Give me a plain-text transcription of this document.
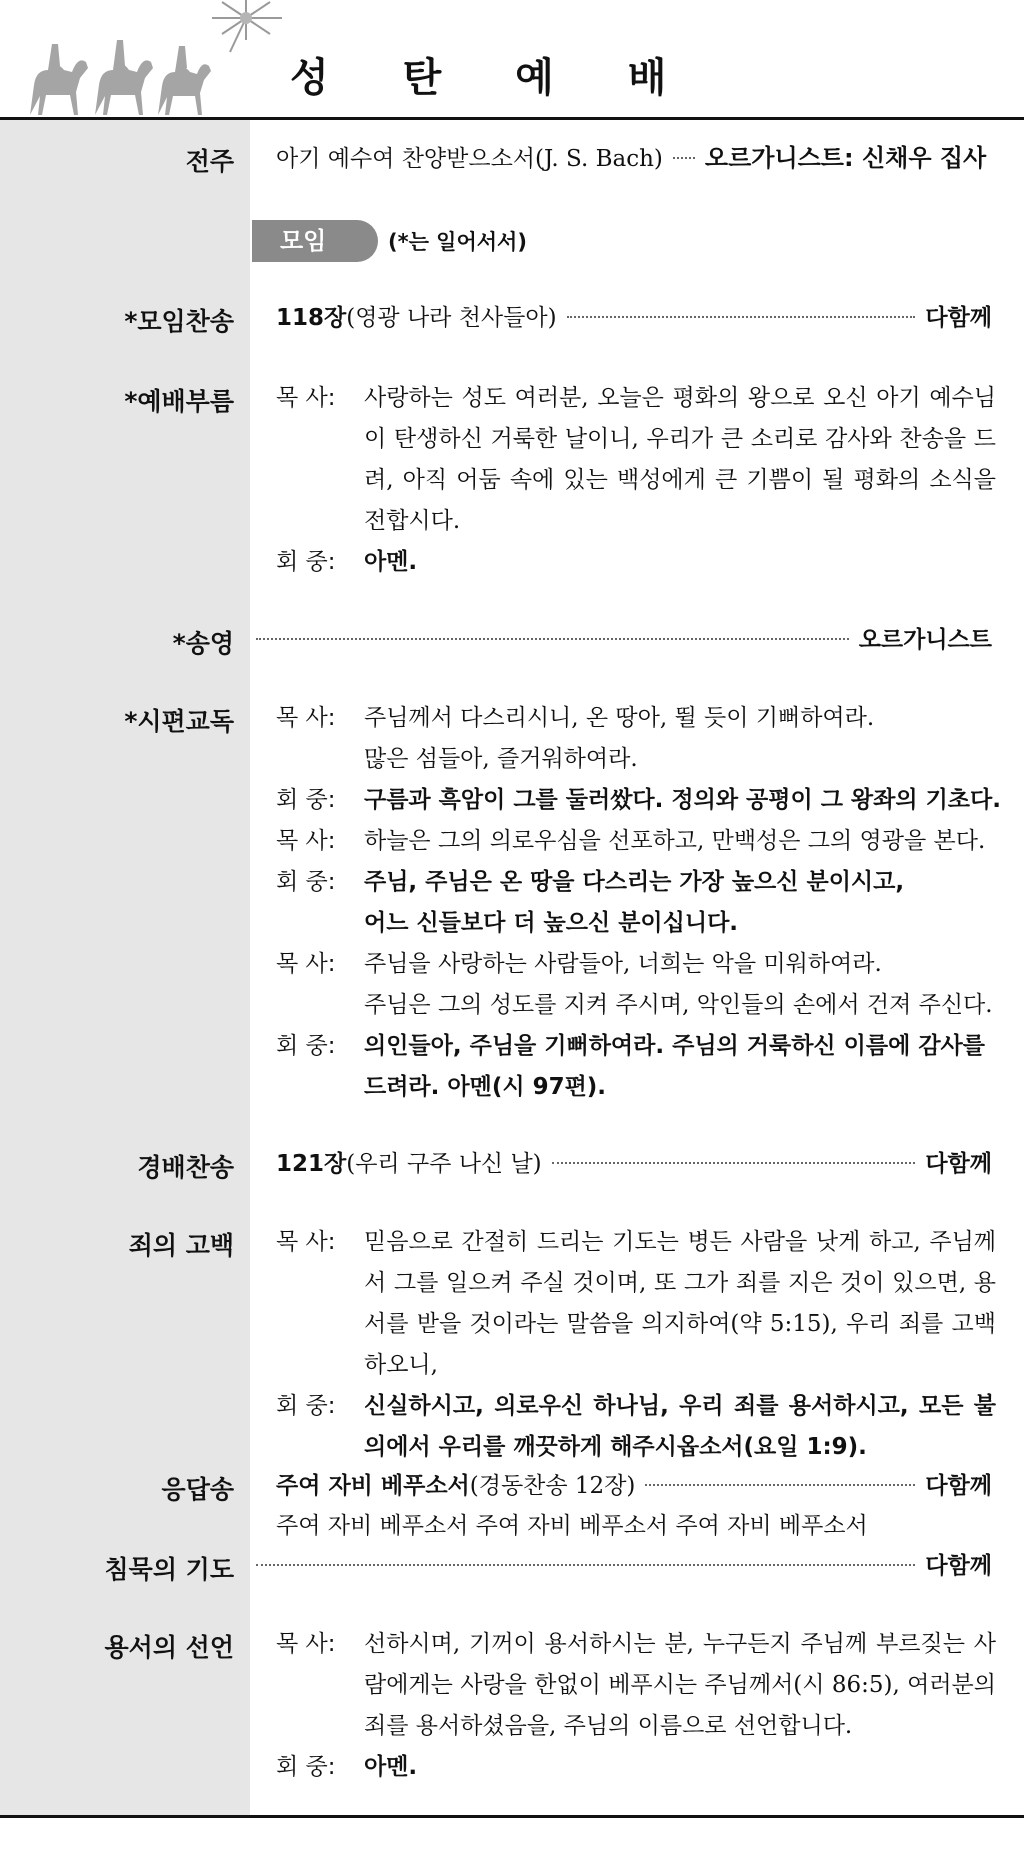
성 탄 예 배
전주 아기 예수여 찬양받으소서(J. S. Bach) 오르가니스트: 신채우 집사
모임	(*는 일어서서)
*모임찬송 118장 (영광 나라 천사들아)	다함께
*예배부름 목 사:	사랑하는 성도 여러분, 오늘은 평화의 왕으로 오신 아기 예수님이 탄생하신 거룩한 날이니, 우리가 큰 소리로 감사와 찬송을 드려, 아직 어둠 속에 있는 백성에게 큰 기쁨이 될 평화의 소식을 전합시다.
회 중:	아멘.
*송영	오르가니스트
*시편교독 목 사:	주님께서 다스리시니, 온 땅아, 뛸 듯이 기뻐하여라.
많은 섬들아, 즐거워하여라.
회 중:	구름과 흑암이 그를 둘러쌌다. 정의와 공평이 그 왕좌의 기초다.
목 사:	하늘은 그의 의로우심을 선포하고, 만백성은 그의 영광을 본다.
회 중:	주님, 주님은 온 땅을 다스리는 가장 높으신 분이시고,
어느 신들보다 더 높으신 분이십니다.
목 사:	주님을 사랑하는 사람들아, 너희는 악을 미워하여라.
주님은 그의 성도를 지켜 주시며, 악인들의 손에서 건져 주신다.
회 중:	의인들아, 주님을 기뻐하여라. 주님의 거룩하신 이름에 감사를
드려라. 아멘(시 97편).
경배찬송 121장 (우리 구주 나신 날)	다함께
죄의 고백 목 사:	믿음으로 간절히 드리는 기도는 병든 사람을 낫게 하고, 주님께서 그를 일으켜 주실 것이며, 또 그가 죄를 지은 것이 있으면, 용서를 받을 것이라는 말씀을 의지하여(약 5:15), 우리 죄를 고백하오니,
회 중:	신실하시고, 의로우신 하나님, 우리 죄를 용서하시고, 모든 불의에서 우리를 깨끗하게 해주시옵소서(요일 1:9).
응답송 주여 자비 베푸소서 (경동찬송 12장)	다함께
주여 자비 베푸소서 주여 자비 베푸소서 주여 자비 베푸소서
침묵의 기도	다함께
용서의 선언 목 사:	선하시며, 기꺼이 용서하시는 분, 누구든지 주님께 부르짖는 사람에게는 사랑을 한없이 베푸시는 주님께서(시 86:5), 여러분의 죄를 용서하셨음을, 주님의 이름으로 선언합니다.
회 중:	아멘.
